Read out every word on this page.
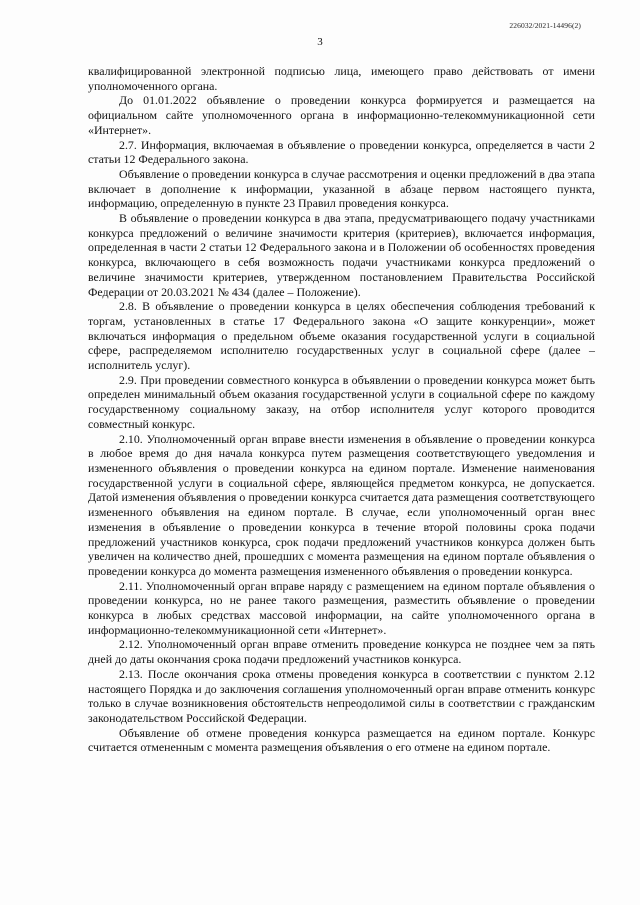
226032/2021-14496(2)
3

квалифицированной электронной подписью лица, имеющего право действовать от имени уполномоченного органа.

До 01.01.2022 объявление о проведении конкурса формируется и размещается на официальном сайте уполномоченного органа в информационно-телекоммуникационной сети «Интернет».

2.7. Информация, включаемая в объявление о проведении конкурса, определяется в части 2 статьи 12 Федерального закона.

Объявление о проведении конкурса в случае рассмотрения и оценки предложений в два этапа включает в дополнение к информации, указанной в абзаце первом настоящего пункта, информацию, определенную в пункте 23 Правил проведения конкурса.

В объявление о проведении конкурса в два этапа, предусматривающего подачу участниками конкурса предложений о величине значимости критерия (критериев), включается информация, определенная в части 2 статьи 12 Федерального закона и в Положении об особенностях проведения конкурса, включающего в себя возможность подачи участниками конкурса предложений о величине значимости критериев, утвержденном постановлением Правительства Российской Федерации от 20.03.2021 № 434 (далее – Положение).

2.8. В объявление о проведении конкурса в целях обеспечения соблюдения требований к торгам, установленных в статье 17 Федерального закона «О защите конкуренции», может включаться информация о предельном объеме оказания государственной услуги в социальной сфере, распределяемом исполнителю государственных услуг в социальной сфере (далее – исполнитель услуг).

2.9. При проведении совместного конкурса в объявлении о проведении конкурса может быть определен минимальный объем оказания государственной услуги в социальной сфере по каждому государственному социальному заказу, на отбор исполнителя услуг которого проводится совместный конкурс.

2.10. Уполномоченный орган вправе внести изменения в объявление о проведении конкурса в любое время до дня начала конкурса путем размещения соответствующего уведомления и измененного объявления о проведении конкурса на едином портале. Изменение наименования государственной услуги в социальной сфере, являющейся предметом конкурса, не допускается. Датой изменения объявления о проведении конкурса считается дата размещения соответствующего измененного объявления на едином портале. В случае, если уполномоченный орган внес изменения в объявление о проведении конкурса в течение второй половины срока подачи предложений участников конкурса, срок подачи предложений участников конкурса должен быть увеличен на количество дней, прошедших с момента размещения на едином портале объявления о проведении конкурса до момента размещения измененного объявления о проведении конкурса.

2.11. Уполномоченный орган вправе наряду с размещением на едином портале объявления о проведении конкурса, но не ранее такого размещения, разместить объявление о проведении конкурса в любых средствах массовой информации, на сайте уполномоченного органа в информационно-телекоммуникационной сети «Интернет».

2.12. Уполномоченный орган вправе отменить проведение конкурса не позднее чем за пять дней до даты окончания срока подачи предложений участников конкурса.

2.13. После окончания срока отмены проведения конкурса в соответствии с пунктом 2.12 настоящего Порядка и до заключения соглашения уполномоченный орган вправе отменить конкурс только в случае возникновения обстоятельств непреодолимой силы в соответствии с гражданским законодательством Российской Федерации.

Объявление об отмене проведения конкурса размещается на едином портале. Конкурс считается отмененным с момента размещения объявления о его отмене на едином портале.
